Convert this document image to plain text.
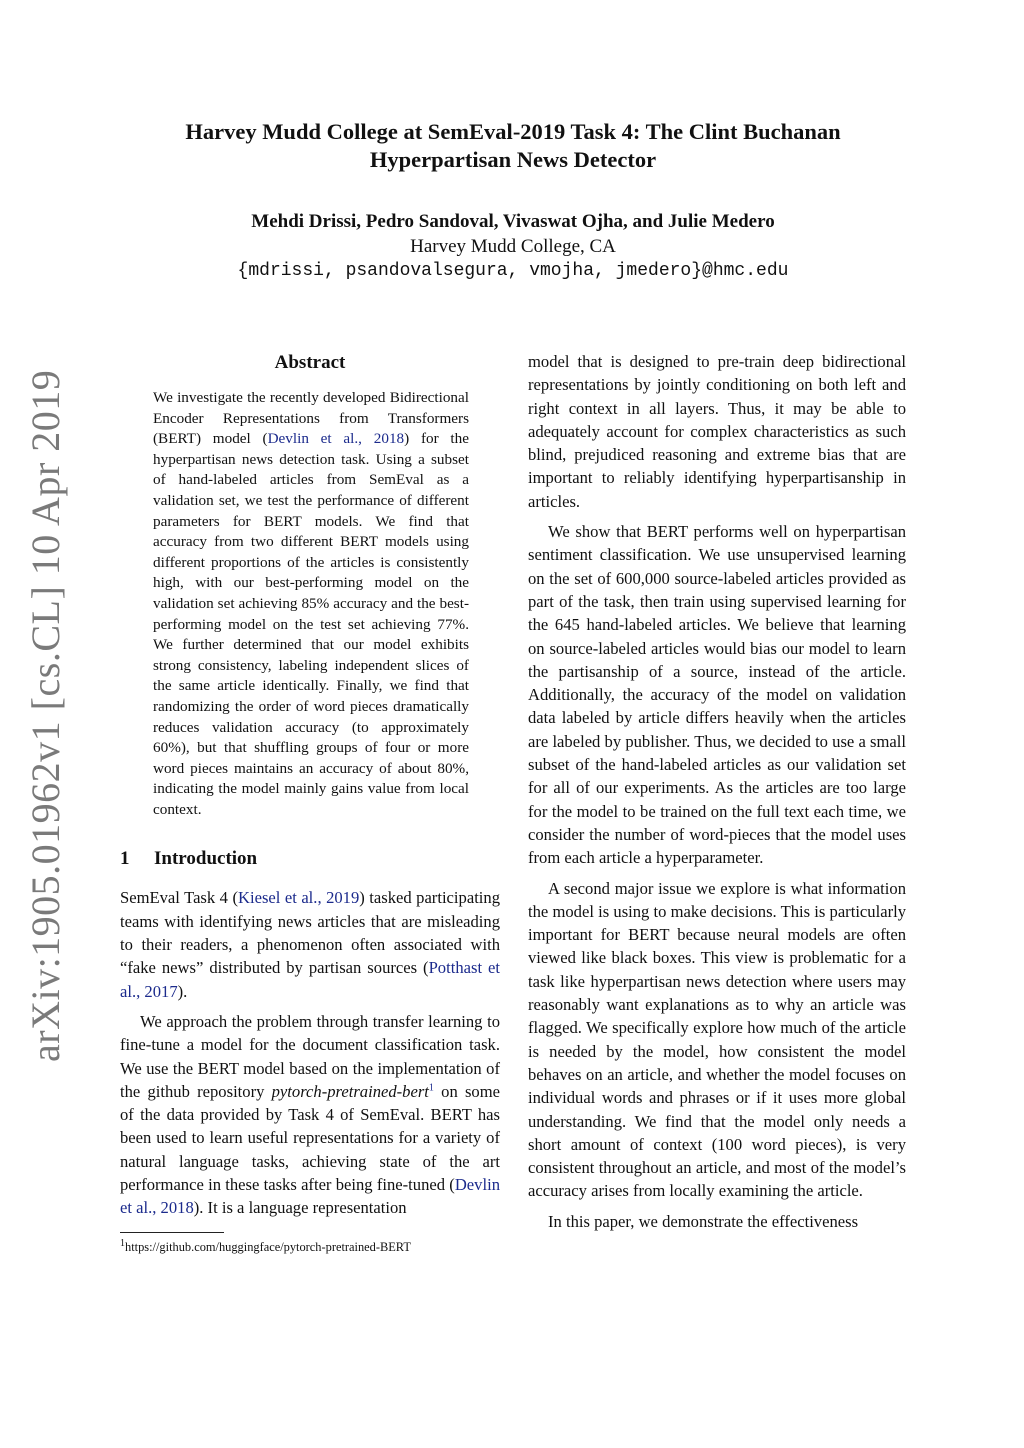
arXiv:1905.01962v1 [cs.CL] 10 Apr 2019
Harvey Mudd College at SemEval-2019 Task 4: The Clint Buchanan
Hyperpartisan News Detector
Mehdi Drissi, Pedro Sandoval, Vivaswat Ojha, and Julie Medero
Harvey Mudd College, CA
{mdrissi, psandovalsegura, vmojha, jmedero}@hmc.edu
Abstract

We investigate the recently developed Bidirectional Encoder Representations from Transformers (BERT) model (Devlin et al., 2018) for the hyperpartisan news detection task. Using a subset of hand-labeled articles from SemEval as a validation set, we test the performance of different parameters for BERT models. We find that accuracy from two different BERT models using different proportions of the articles is consistently high, with our best-performing model on the validation set achieving 85% accuracy and the best-performing model on the test set achieving 77%. We further determined that our model exhibits strong consistency, labeling independent slices of the same article identically. Finally, we find that randomizing the order of word pieces dramatically reduces validation accuracy (to approximately 60%), but that shuffling groups of four or more word pieces maintains an accuracy of about 80%, indicating the model mainly gains value from local context.

1 Introduction

SemEval Task 4 (Kiesel et al., 2019) tasked participating teams with identifying news articles that are misleading to their readers, a phenomenon often associated with “fake news” distributed by partisan sources (Potthast et al., 2017).

We approach the problem through transfer learning to fine-tune a model for the document classification task. We use the BERT model based on the implementation of the github repository pytorch-pretrained-bert$^1$ on some of the data provided by Task 4 of SemEval. BERT has been used to learn useful representations for a variety of natural language tasks, achieving state of the art performance in these tasks after being fine-tuned (Devlin et al., 2018). It is a language representation

$^1$https://github.com/huggingface/pytorch-pretrained-BERT

model that is designed to pre-train deep bidirectional representations by jointly conditioning on both left and right context in all layers. Thus, it may be able to adequately account for complex characteristics as such blind, prejudiced reasoning and extreme bias that are important to reliably identifying hyperpartisanship in articles.

We show that BERT performs well on hyperpartisan sentiment classification. We use unsupervised learning on the set of 600,000 source-labeled articles provided as part of the task, then train using supervised learning for the 645 hand-labeled articles. We believe that learning on source-labeled articles would bias our model to learn the partisanship of a source, instead of the article. Additionally, the accuracy of the model on validation data labeled by article differs heavily when the articles are labeled by publisher. Thus, we decided to use a small subset of the hand-labeled articles as our validation set for all of our experiments. As the articles are too large for the model to be trained on the full text each time, we consider the number of word-pieces that the model uses from each article a hyperparameter.

A second major issue we explore is what information the model is using to make decisions. This is particularly important for BERT because neural models are often viewed like black boxes. This view is problematic for a task like hyperpartisan news detection where users may reasonably want explanations as to why an article was flagged. We specifically explore how much of the article is needed by the model, how consistent the model behaves on an article, and whether the model focuses on individual words and phrases or if it uses more global understanding. We find that the model only needs a short amount of context (100 word pieces), is very consistent throughout an article, and most of the model’s accuracy arises from locally examining the article.

In this paper, we demonstrate the effectiveness
